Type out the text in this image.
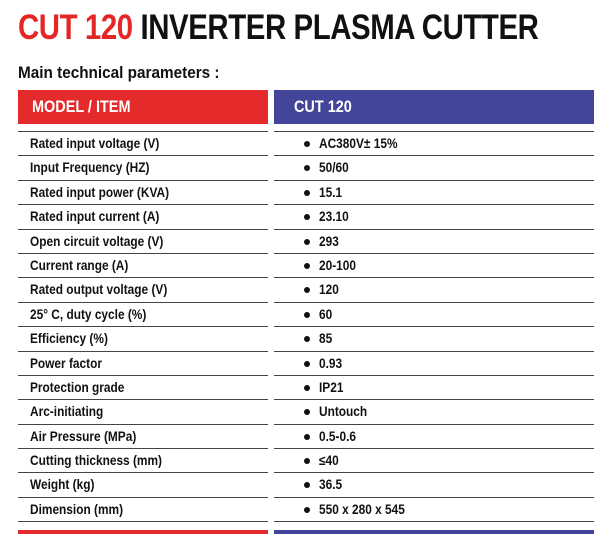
CUT 120 INVERTER PLASMA CUTTER

Main technical parameters :

MODEL / ITEM	CUT 120
Rated input voltage (V)	AC380V± 15%
Input Frequency (HZ)	50/60
Rated input power (KVA)	15.1
Rated input current (A)	23.10
Open circuit voltage (V)	293
Current range (A)	20-100
Rated output voltage (V)	120
25° C, duty cycle (%)	60
Efficiency (%)	85
Power factor	0.93
Protection grade	IP21
Arc-initiating	Untouch
Air Pressure (MPa)	0.5-0.6
Cutting thickness (mm)	≤40
Weight (kg)	36.5
Dimension (mm)	550 x 280 x 545
